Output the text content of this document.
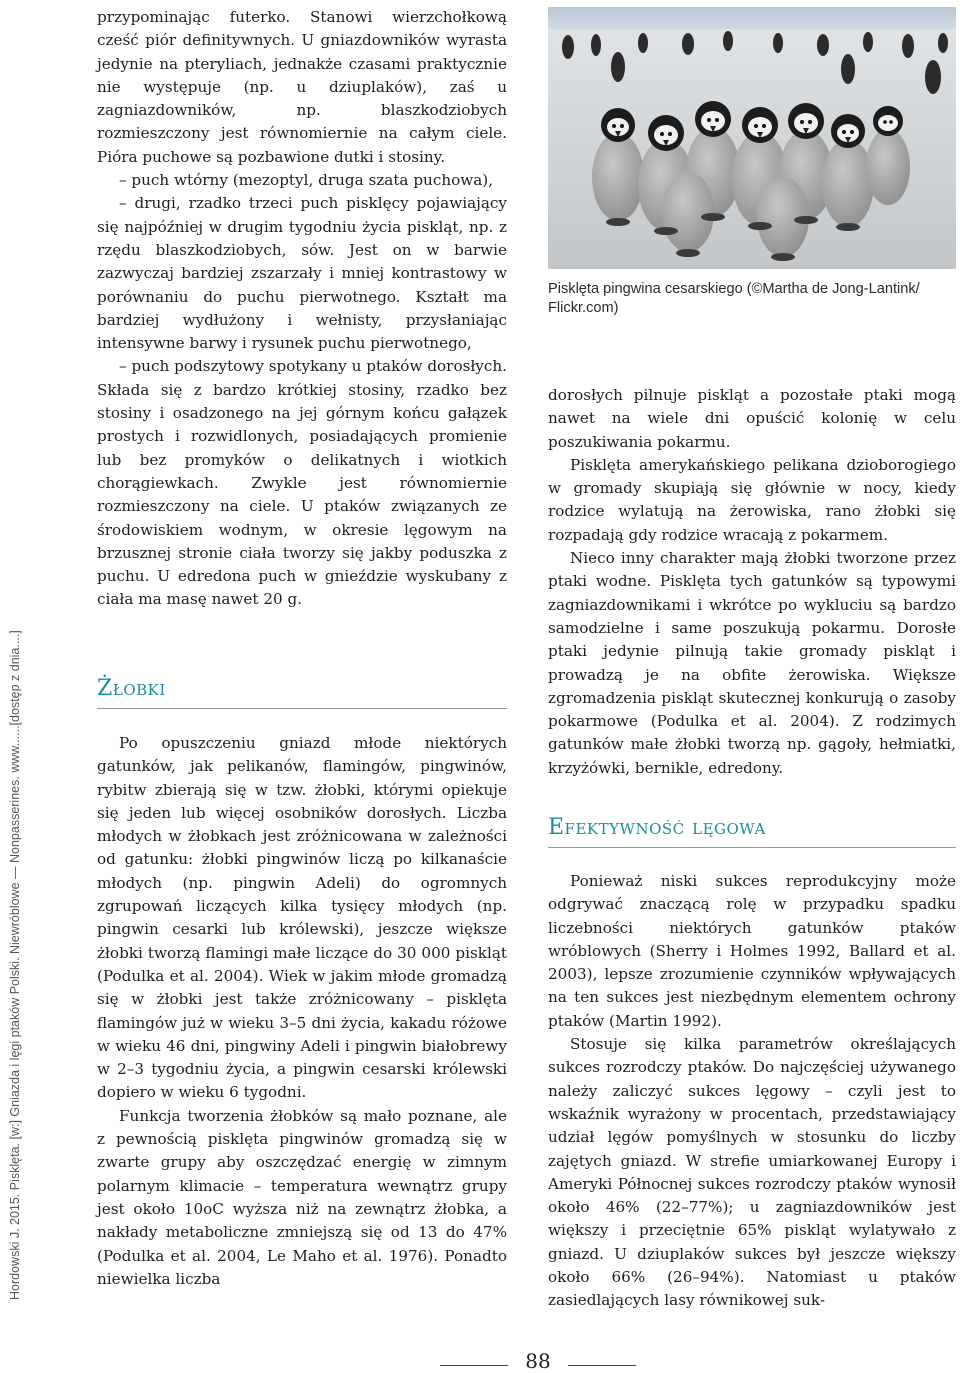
Hordowski J. 2015. Pisklęta. [w:] Gniazda i lęgi ptaków Polski. Niewróblowe — Nonpasserines. www......[dostęp z dnia....]

przypominając futerko. Stanowi wierzchołkową cześć piór definitywnych. U gniazdowników wyrasta jedynie na pteryliach, jednakże czasami praktycznie nie występuje (np. u dziuplaków), zaś u zagniazdowników, np. blaszkodziobych rozmieszczony jest równomiernie na całym ciele. Pióra puchowe są pozbawione dutki i stosiny.

– puch wtórny (mezoptyl, druga szata puchowa),

– drugi, rzadko trzeci puch pisklęcy pojawiający się najpóźniej w drugim tygodniu życia piskląt, np. z rzędu blaszkodziobych, sów. Jest on w barwie zazwyczaj bardziej zszarzały i mniej kontrastowy w porównaniu do puchu pierwotnego. Kształt ma bardziej wydłużony i wełnisty, przysłaniając intensywne barwy i rysunek puchu pierwotnego,

– puch podszytowy spotykany u ptaków dorosłych. Składa się z bardzo krótkiej stosiny, rzadko bez stosiny i osadzonego na jej górnym końcu gałązek prostych i rozwidlonych, posiadających promienie lub bez promyków o delikatnych i wiotkich chorągiewkach. Zwykle jest równomiernie rozmieszczony na ciele. U ptaków związanych ze środowiskiem wodnym, w okresie lęgowym na brzusznej stronie ciała tworzy się jakby poduszka z puchu. U edredona puch w gnieździe wyskubany z ciała ma masę nawet 20 g.

Żłobki

Po opuszczeniu gniazd młode niektórych gatunków, jak pelikanów, flamingów, pingwinów, rybitw zbierają się w tzw. żłobki, którymi opiekuje się jeden lub więcej osobników dorosłych. Liczba młodych w żłobkach jest zróżnicowana w zależności od gatunku: żłobki pingwinów liczą po kilkanaście młodych (np. pingwin Adeli) do ogromnych zgrupowań liczących kilka tysięcy młodych (np. pingwin cesarki lub królewski), jeszcze większe żłobki tworzą flamingi małe liczące do 30 000 piskląt (Podulka et al. 2004). Wiek w jakim młode gromadzą się w żłobki jest także zróżnicowany – pisklęta flamingów już w wieku 3–5 dni życia, kakadu różowe w wieku 46 dni, pingwiny Adeli i pingwin białobrewy w 2–3 tygodniu życia, a pingwin cesarski królewski dopiero w wieku 6 tygodni.

Funkcja tworzenia żłobków są mało poznane, ale z pewnością pisklęta pingwinów gromadzą się w zwarte grupy aby oszczędzać energię w zimnym polarnym klimacie – temperatura wewnątrz grupy jest około 10oC wyższa niż na zewnątrz żłobka, a nakłady metaboliczne zmniejszą się od 13 do 47% (Podulka et al. 2004, Le Maho et al. 1976). Ponadto niewielka liczba

Pisklęta pingwina cesarskiego (©Martha de Jong-Lantink/ Flickr.com)

dorosłych pilnuje piskląt a pozostałe ptaki mogą nawet na wiele dni opuścić kolonię w celu poszukiwania pokarmu.

Pisklęta amerykańskiego pelikana dzioborogiego w gromady skupiają się głównie w nocy, kiedy rodzice wylatują na żerowiska, rano żłobki się rozpadają gdy rodzice wracają z pokarmem.

Nieco inny charakter mają żłobki tworzone przez ptaki wodne. Pisklęta tych gatunków są typowymi zagniazdownikami i wkrótce po wykluciu są bardzo samodzielne i same poszukują pokarmu. Dorosłe ptaki jedynie pilnują takie gromady piskląt i prowadzą je na obfite żerowiska. Większe zgromadzenia piskląt skutecznej konkurują o zasoby pokarmowe (Podulka et al. 2004). Z rodzimych gatunków małe żłobki tworzą np. gągoły, hełmiatki, krzyżówki, bernikle, edredony.

Efektywność lęgowa

Ponieważ niski sukces reprodukcyjny może odgrywać znaczącą rolę w przypadku spadku liczebności niektórych gatunków ptaków wróblowych (Sherry i Holmes 1992, Ballard et al. 2003), lepsze zrozumienie czynników wpływających na ten sukces jest niezbędnym elementem ochrony ptaków (Martin 1992).

Stosuje się kilka parametrów określających sukces rozrodczy ptaków. Do najczęściej używanego należy zaliczyć sukces lęgowy – czyli jest to wskaźnik wyrażony w procentach, przedstawiający udział lęgów pomyślnych w stosunku do liczby zajętych gniazd. W strefie umiarkowanej Europy i Ameryki Północnej sukces rozrodczy ptaków wynosił około 46% (22–77%); u zagniazdowników jest większy i przeciętnie 65% piskląt wylatywało z gniazd. U dziuplaków sukces był jeszcze większy około 66% (26–94%). Natomiast u ptaków zasiedlających lasy równikowej suk-

88
